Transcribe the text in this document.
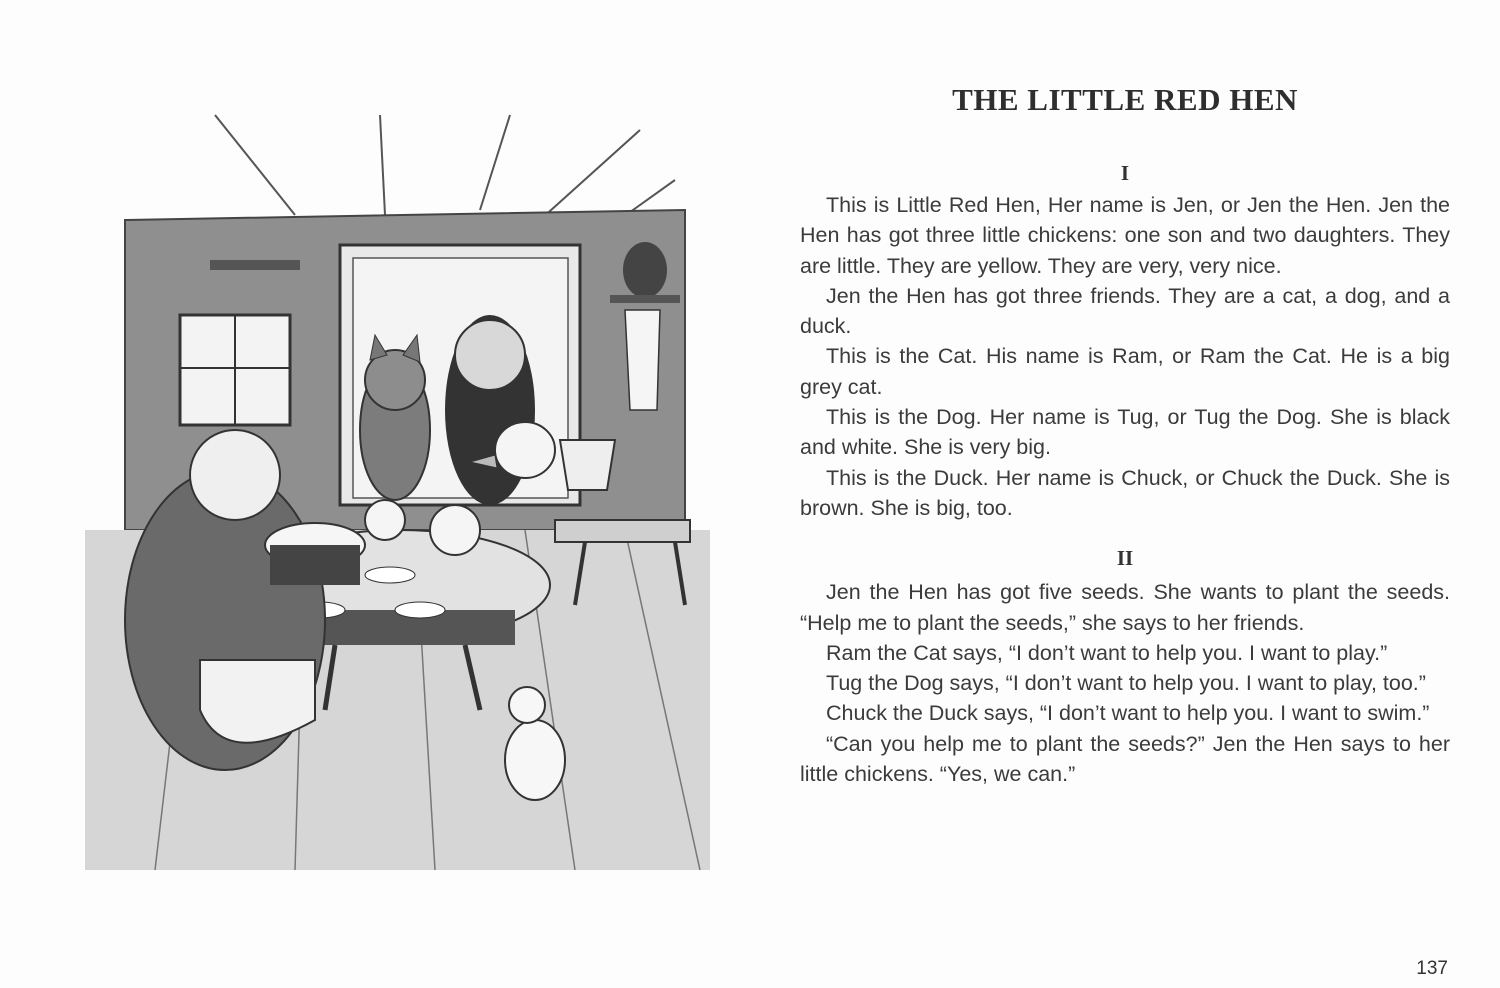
THE LITTLE RED HEN
I

This is Little Red Hen, Her name is Jen, or Jen the Hen. Jen the Hen has got three little chickens: one son and two daughters. They are little. They are yellow. They are very, very nice.

Jen the Hen has got three friends. They are a cat, a dog, and a duck.

This is the Cat. His name is Ram, or Ram the Cat. He is a big grey cat.

This is the Dog. Her name is Tug, or Tug the Dog. She is black and white. She is very big.

This is the Duck. Her name is Chuck, or Chuck the Duck. She is brown. She is big, too.

II

Jen the Hen has got five seeds. She wants to plant the seeds. “Help me to plant the seeds,” she says to her friends.

Ram the Cat says, “I don’t want to help you. I want to play.”

Tug the Dog says, “I don’t want to help you. I want to play, too.”

Chuck the Duck says, “I don’t want to help you. I want to swim.”

“Can you help me to plant the seeds?” Jen the Hen says to her little chickens. “Yes, we can.”

137
